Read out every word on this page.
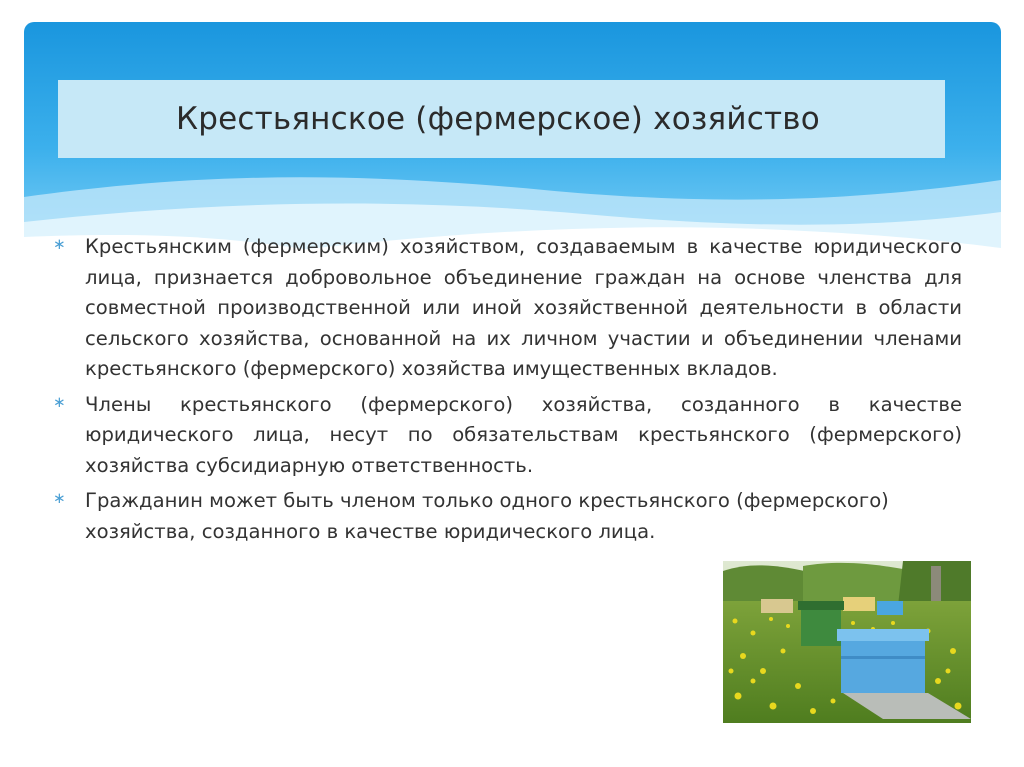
Крестьянское (фермерское) хозяйство
∗ Крестьянским (фермерским) хозяйством, создаваемым в качестве юридического лица, признается добровольное объединение граждан на основе членства для совместной производственной или иной хозяйственной деятельности в области сельского хозяйства, основанной на их личном участии и объединении членами крестьянского (фермерского) хозяйства имущественных вкладов.

∗ Члены крестьянского (фермерского) хозяйства, созданного в качестве юридического лица, несут по обязательствам крестьянского (фермерского) хозяйства субсидиарную ответственность.

∗ Гражданин может быть членом только одного крестьянского (фермерского) хозяйства, созданного в качестве юридического лица.
